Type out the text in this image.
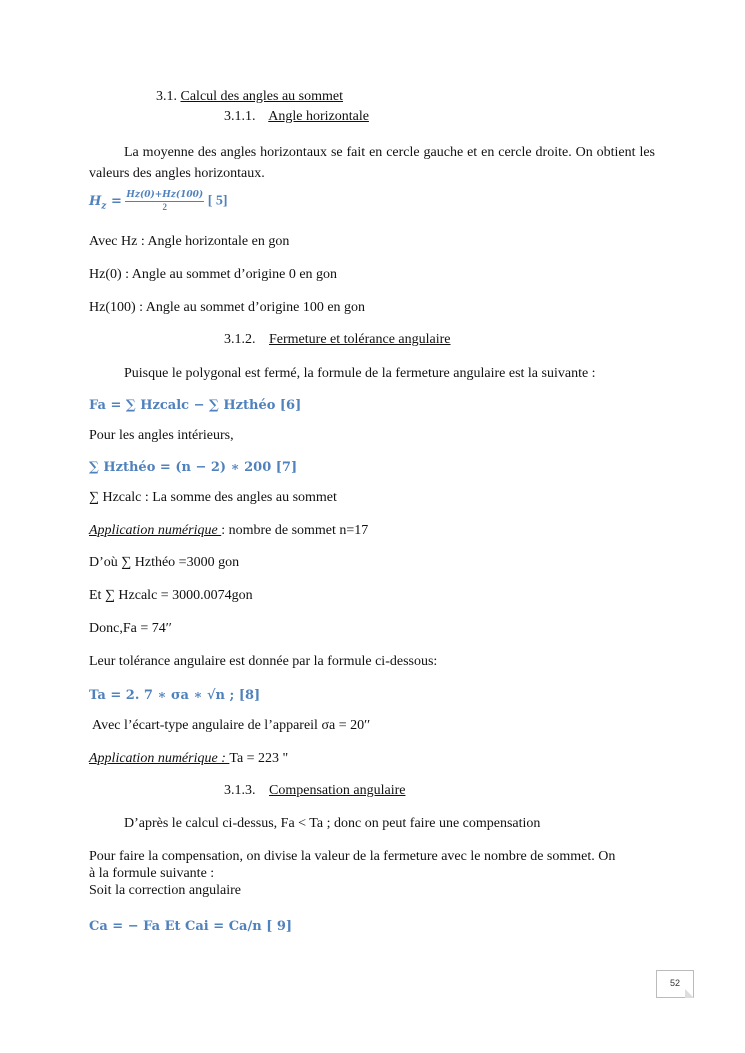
3.1. Calcul des angles au sommet
3.1.1. Angle horizontale
La moyenne des angles horizontaux se fait en cercle gauche et en cercle droite. On obtient les valeurs des angles horizontaux.
$H_z = \frac{Hz(0)+Hz(100)}{2}$ [ 5]
Avec Hz : Angle horizontale en gon
Hz(0) : Angle au sommet d’origine 0 en gon
Hz(100) : Angle au sommet d’origine 100 en gon
3.1.2. Fermeture et tolérance angulaire
Puisque le polygonal est fermé, la formule de la fermeture angulaire est la suivante :
Fa = ∑ Hzcalc − ∑ Hzthéo [6]
Pour les angles intérieurs,
∑ Hzthéo = (n − 2) ∗ 200 [7]
∑ Hzcalc : La somme des angles au sommet
Application numérique : nombre de sommet n=17
D’où ∑ Hzthéo =3000 gon
Et ∑ Hzcalc = 3000.0074gon
Donc,Fa = 74′′
Leur tolérance angulaire est donnée par la formule ci-dessous:
Ta = 2. 7 ∗ σa ∗ √n ; [8]
Avec l’écart-type angulaire de l’appareil σa = 20′′
Application numérique : Ta = 223 "
3.1.3. Compensation angulaire
D’après le calcul ci-dessus, Fa < Ta ; donc on peut faire une compensation
Pour faire la compensation, on divise la valeur de la fermeture avec le nombre de sommet. On
à la formule suivante :
Soit la correction angulaire
Ca = − Fa Et Cai = Ca/n [ 9]
52
